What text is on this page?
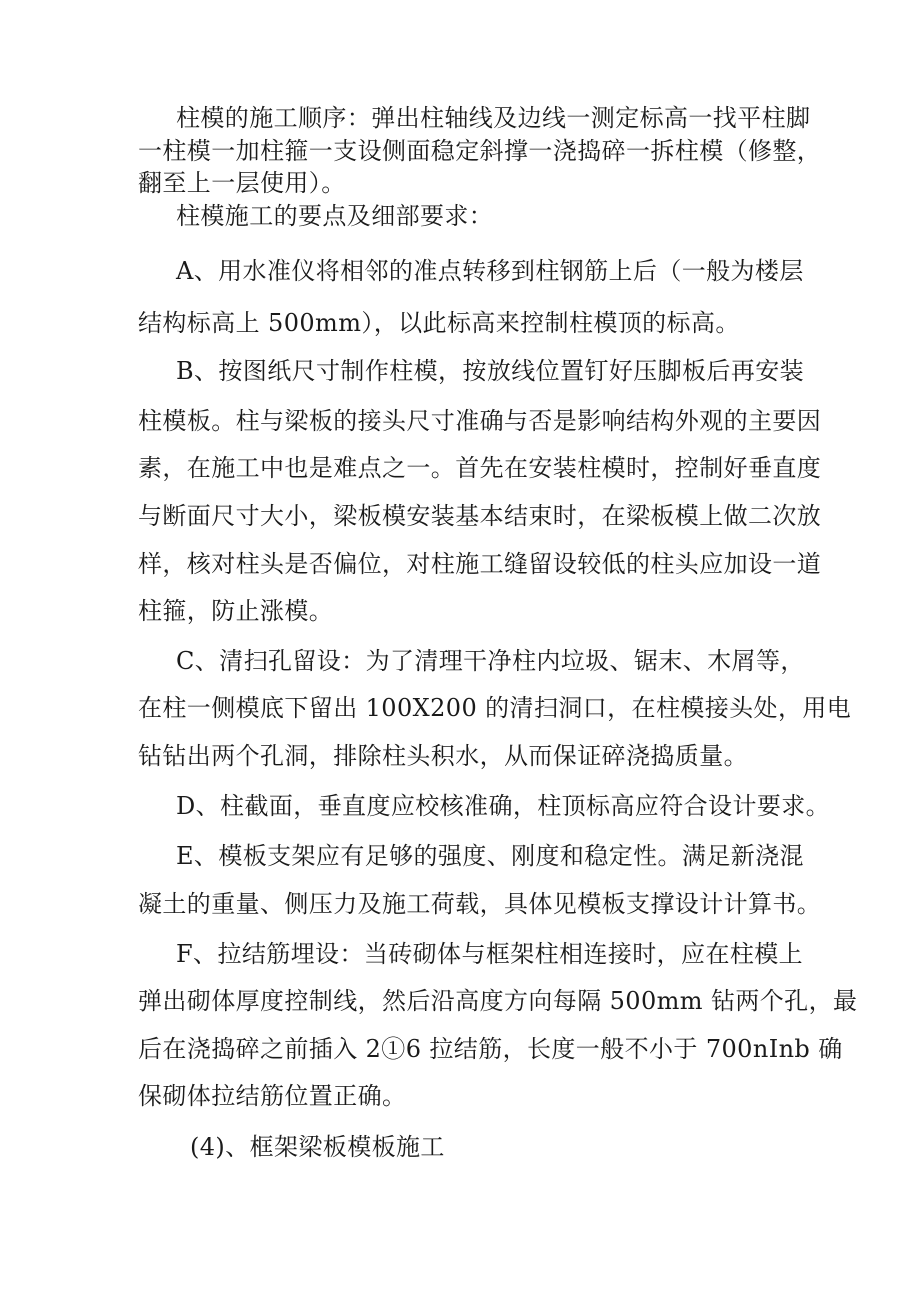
柱模的施工顺序：弹出柱轴线及边线一测定标高一找平柱脚

一柱模一加柱箍一支设侧面稳定斜撑一浇捣碎一拆柱模（修整，

翻至上一层使用）。

柱模施工的要点及细部要求：

A、用水准仪将相邻的准点转移到柱钢筋上后（一般为楼层

结构标高上 500mm），以此标高来控制柱模顶的标高。

B、按图纸尺寸制作柱模，按放线位置钉好压脚板后再安装

柱模板。柱与梁板的接头尺寸准确与否是影响结构外观的主要因

素，在施工中也是难点之一。首先在安装柱模时，控制好垂直度

与断面尺寸大小，梁板模安装基本结束时，在梁板模上做二次放

样，核对柱头是否偏位，对柱施工缝留设较低的柱头应加设一道

柱箍，防止涨模。

C、清扫孔留设：为了清理干净柱内垃圾、锯末、木屑等，

在柱一侧模底下留出 100X200 的清扫洞口，在柱模接头处，用电

钻钻出两个孔洞，排除柱头积水，从而保证碎浇捣质量。

D、柱截面，垂直度应校核准确，柱顶标高应符合设计要求。

E、模板支架应有足够的强度、刚度和稳定性。满足新浇混

凝土的重量、侧压力及施工荷载，具体见模板支撑设计计算书。

F、拉结筋埋设：当砖砌体与框架柱相连接时，应在柱模上

弹出砌体厚度控制线，然后沿高度方向每隔 500mm 钻两个孔，最

后在浇捣碎之前插入 2①6 拉结筋，长度一般不小于 700nInb 确

保砌体拉结筋位置正确。

(4)、框架梁板模板施工
